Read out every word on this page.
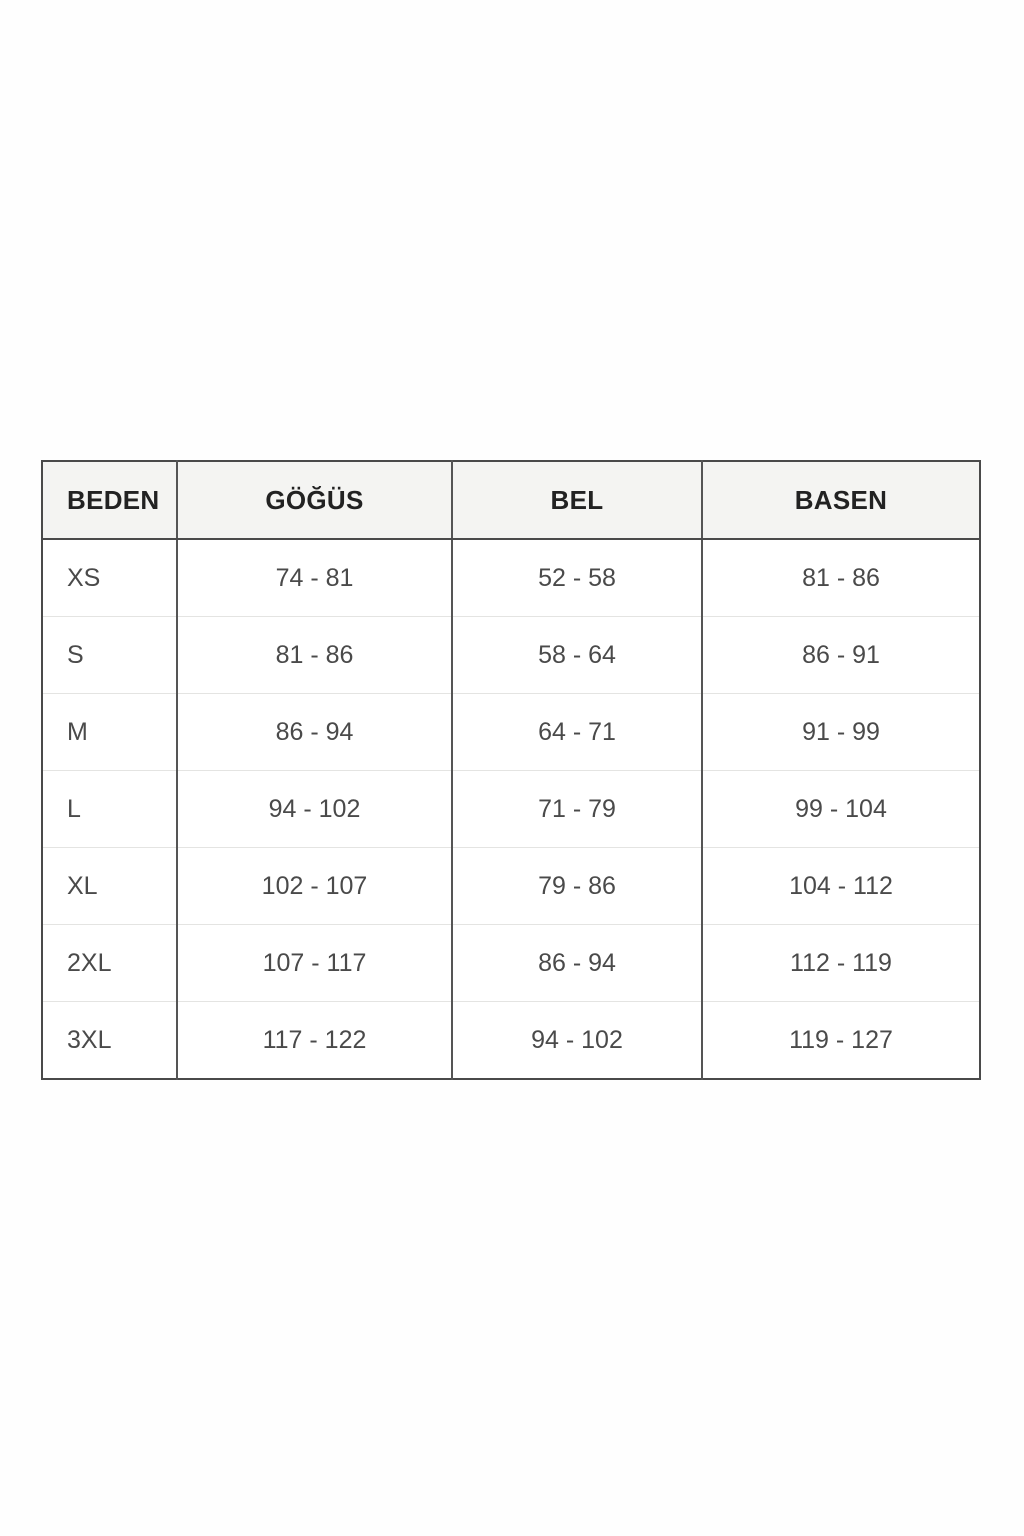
BEDEN	GÖĞÜS	BEL	BASEN
XS	74 - 81	52 - 58	81 - 86
S	81 - 86	58 - 64	86 - 91
M	86 - 94	64 - 71	91 - 99
L	94 - 102	71 - 79	99 - 104
XL	102 - 107	79 - 86	104 - 112
2XL	107 - 117	86 - 94	112 - 119
3XL	117 - 122	94 - 102	119 - 127
